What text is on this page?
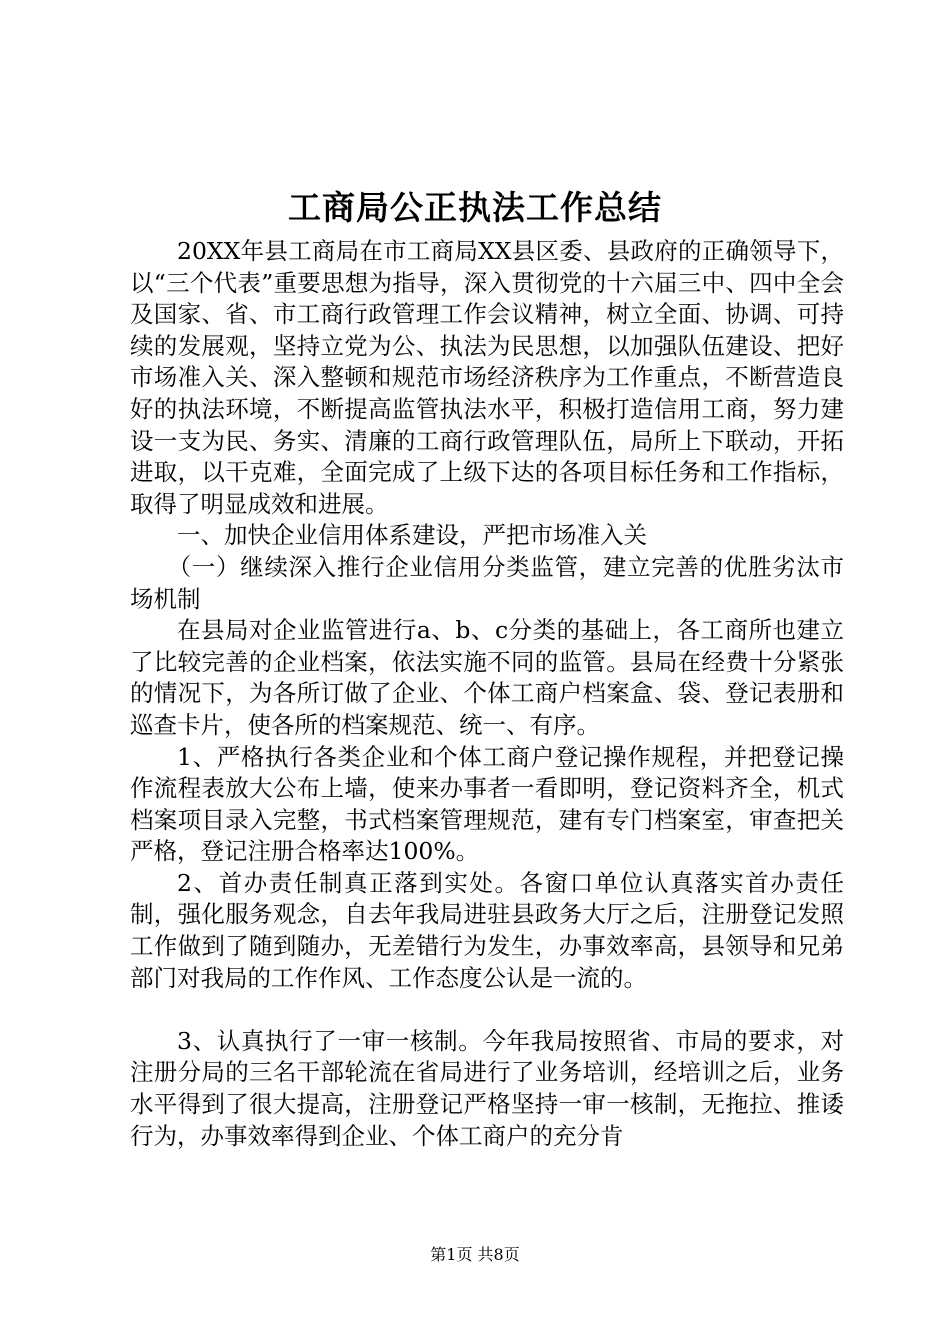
工商局公正执法工作总结

20XX年县工商局在市工商局XX县区委、县政府的正确领导下，以“三个代表”重要思想为指导，深入贯彻党的十六届三中、四中全会及国家、省、市工商行政管理工作会议精神，树立全面、协调、可持续的发展观，坚持立党为公、执法为民思想，以加强队伍建设、把好市场准入关、深入整顿和规范市场经济秩序为工作重点，不断营造良好的执法环境，不断提高监管执法水平，积极打造信用工商，努力建设一支为民、务实、清廉的工商行政管理队伍，局所上下联动，开拓进取，以干克难，全面完成了上级下达的各项目标任务和工作指标，取得了明显成效和进展。

一、加快企业信用体系建设，严把市场准入关

（一）继续深入推行企业信用分类监管，建立完善的优胜劣汰市场机制

在县局对企业监管进行a、b、c分类的基础上，各工商所也建立了比较完善的企业档案，依法实施不同的监管。县局在经费十分紧张的情况下，为各所订做了企业、个体工商户档案盒、袋、登记表册和巡查卡片，使各所的档案规范、统一、有序。

1、严格执行各类企业和个体工商户登记操作规程，并把登记操作流程表放大公布上墙，使来办事者一看即明，登记资料齐全，机式档案项目录入完整，书式档案管理规范，建有专门档案室，审查把关严格，登记注册合格率达100%。

2、首办责任制真正落到实处。各窗口单位认真落实首办责任制，强化服务观念，自去年我局进驻县政务大厅之后，注册登记发照工作做到了随到随办，无差错行为发生，办事效率高，县领导和兄弟部门对我局的工作作风、工作态度公认是一流的。

3、认真执行了一审一核制。今年我局按照省、市局的要求，对注册分局的三名干部轮流在省局进行了业务培训，经培训之后，业务水平得到了很大提高，注册登记严格坚持一审一核制，无拖拉、推诿行为，办事效率得到企业、个体工商户的充分肯

第1页 共8页
